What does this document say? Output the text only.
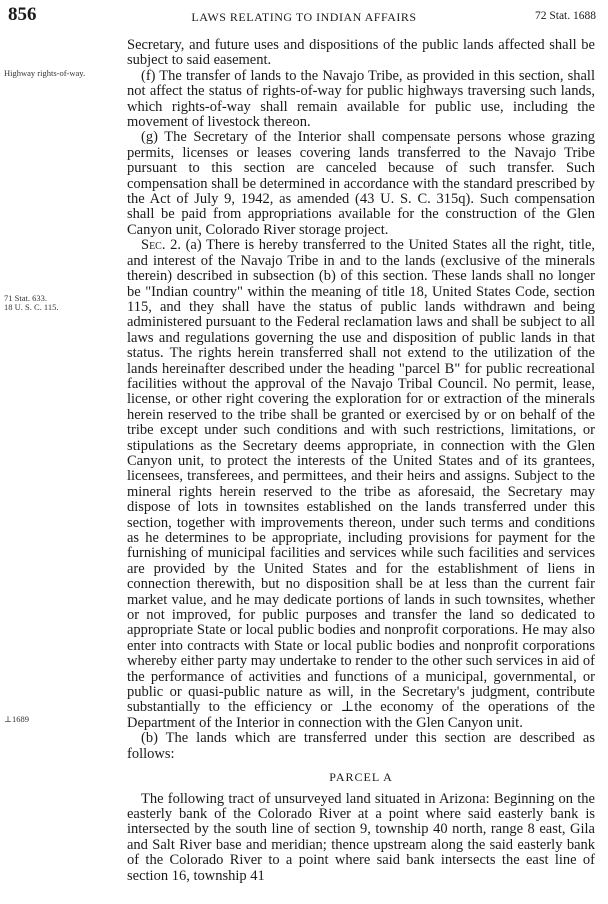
856	LAWS RELATING TO INDIAN AFFAIRS	72 Stat. 1688
Highway rights-of-way.
71 Stat. 633.
18 U. S. C. 115.
⊥1689

Secretary, and future uses and dispositions of the public lands affected shall be subject to said easement.

(f) The transfer of lands to the Navajo Tribe, as provided in this section, shall not affect the status of rights-of-way for public highways traversing such lands, which rights-of-way shall remain available for public use, including the movement of livestock thereon.

(g) The Secretary of the Interior shall compensate persons whose grazing permits, licenses or leases covering lands transferred to the Navajo Tribe pursuant to this section are canceled because of such transfer. Such compensation shall be determined in accordance with the standard prescribed by the Act of July 9, 1942, as amended (43 U. S. C. 315q). Such compensation shall be paid from appropriations available for the construction of the Glen Canyon unit, Colorado River storage project.

Sec. 2. (a) There is hereby transferred to the United States all the right, title, and interest of the Navajo Tribe in and to the lands (exclusive of the minerals therein) described in subsection (b) of this section. These lands shall no longer be "Indian country" within the meaning of title 18, United States Code, section 115, and they shall have the status of public lands withdrawn and being administered pursuant to the Federal reclamation laws and shall be subject to all laws and regulations governing the use and disposition of public lands in that status. The rights herein transferred shall not extend to the utilization of the lands hereinafter described under the heading "parcel B" for public recreational facilities without the approval of the Navajo Tribal Council. No permit, lease, license, or other right covering the exploration for or extraction of the minerals herein reserved to the tribe shall be granted or exercised by or on behalf of the tribe except under such conditions and with such restrictions, limitations, or stipulations as the Secretary deems appropriate, in connection with the Glen Canyon unit, to protect the interests of the United States and of its grantees, licensees, transferees, and permittees, and their heirs and assigns. Subject to the mineral rights herein reserved to the tribe as aforesaid, the Secretary may dispose of lots in townsites established on the lands transferred under this section, together with improvements thereon, under such terms and conditions as he determines to be appropriate, including provisions for payment for the furnishing of municipal facilities and services while such facilities and services are provided by the United States and for the establishment of liens in connection therewith, but no disposition shall be at less than the current fair market value, and he may dedicate portions of lands in such townsites, whether or not improved, for public purposes and transfer the land so dedicated to appropriate State or local public bodies and nonprofit corporations. He may also enter into contracts with State or local public bodies and nonprofit corporations whereby either party may undertake to render to the other such services in aid of the performance of activities and functions of a municipal, governmental, or public or quasi-public nature as will, in the Secretary's judgment, contribute substantially to the efficiency or ⊥the economy of the operations of the Department of the Interior in connection with the Glen Canyon unit.

(b) The lands which are transferred under this section are described as follows:

PARCEL A

The following tract of unsurveyed land situated in Arizona: Beginning on the easterly bank of the Colorado River at a point where said easterly bank is intersected by the south line of section 9, township 40 north, range 8 east, Gila and Salt River base and meridian; thence upstream along the said easterly bank of the Colorado River to a point where said bank intersects the east line of section 16, township 41
